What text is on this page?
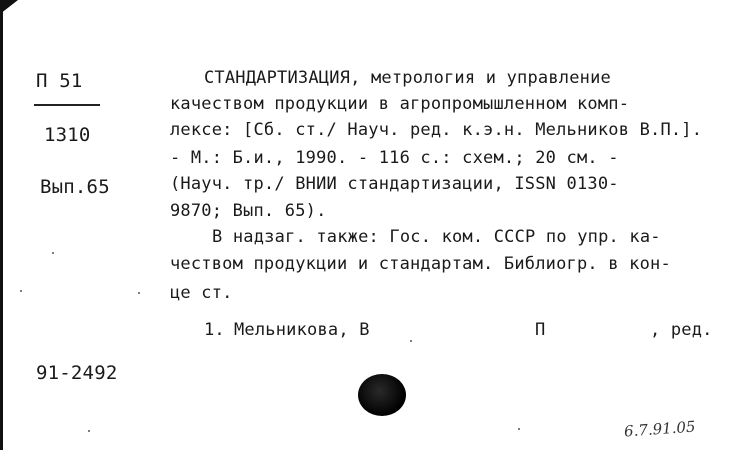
П 51
1310
Вып.65
СТАНДАРТИЗАЦИЯ, метрология и управление
качеством продукции в агропромышленном комп-
лексе: [Сб. ст./ Науч. ред. к.э.н. Мельников В.П.].
- М.: Б.и., 1990. - 116 с.: схем.; 20 см. -
(Науч. тр./ ВНИИ стандартизации, ISSN 0130-
9870; Вып. 65).
В надзаг. также: Гос. ком. СССР по упр. ка-
чеством продукции и стандартам. Библиогр. в кон-
це ст.
1. Мельникова, В	П	, ред.
91-2492
6.7.91.05
